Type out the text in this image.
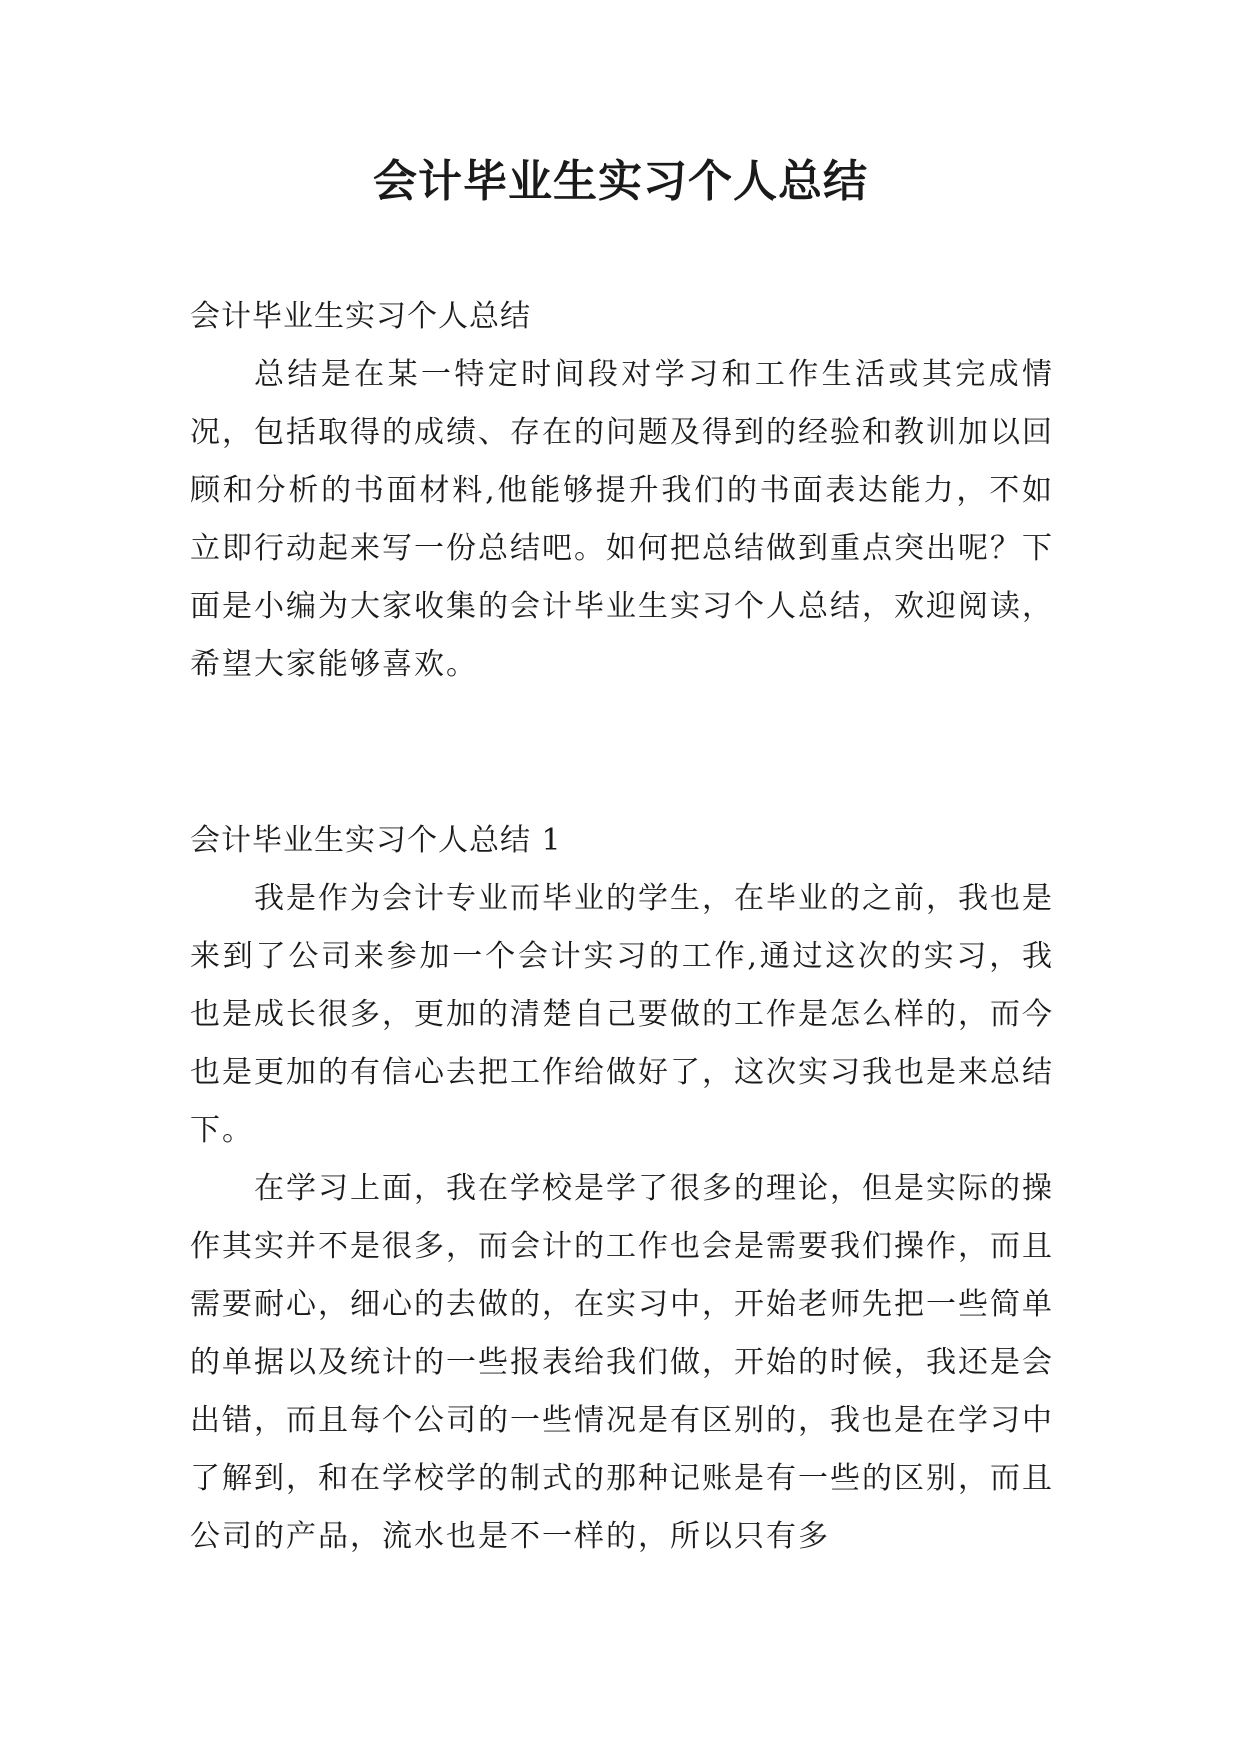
会计毕业生实习个人总结

会计毕业生实习个人总结

总结是在某一特定时间段对学习和工作生活或其完成情况，包括取得的成绩、存在的问题及得到的经验和教训加以回顾和分析的书面材料,他能够提升我们的书面表达能力，不如立即行动起来写一份总结吧。如何把总结做到重点突出呢？下面是小编为大家收集的会计毕业生实习个人总结，欢迎阅读，希望大家能够喜欢。

会计毕业生实习个人总结 1

我是作为会计专业而毕业的学生，在毕业的之前，我也是来到了公司来参加一个会计实习的工作,通过这次的实习，我也是成长很多，更加的清楚自己要做的工作是怎么样的，而今也是更加的有信心去把工作给做好了，这次实习我也是来总结下。

在学习上面，我在学校是学了很多的理论，但是实际的操作其实并不是很多，而会计的工作也会是需要我们操作，而且需要耐心，细心的去做的，在实习中，开始老师先把一些简单的单据以及统计的一些报表给我们做，开始的时候，我还是会出错，而且每个公司的一些情况是有区别的，我也是在学习中了解到，和在学校学的制式的那种记账是有一些的区别，而且公司的产品，流水也是不一样的，所以只有多
